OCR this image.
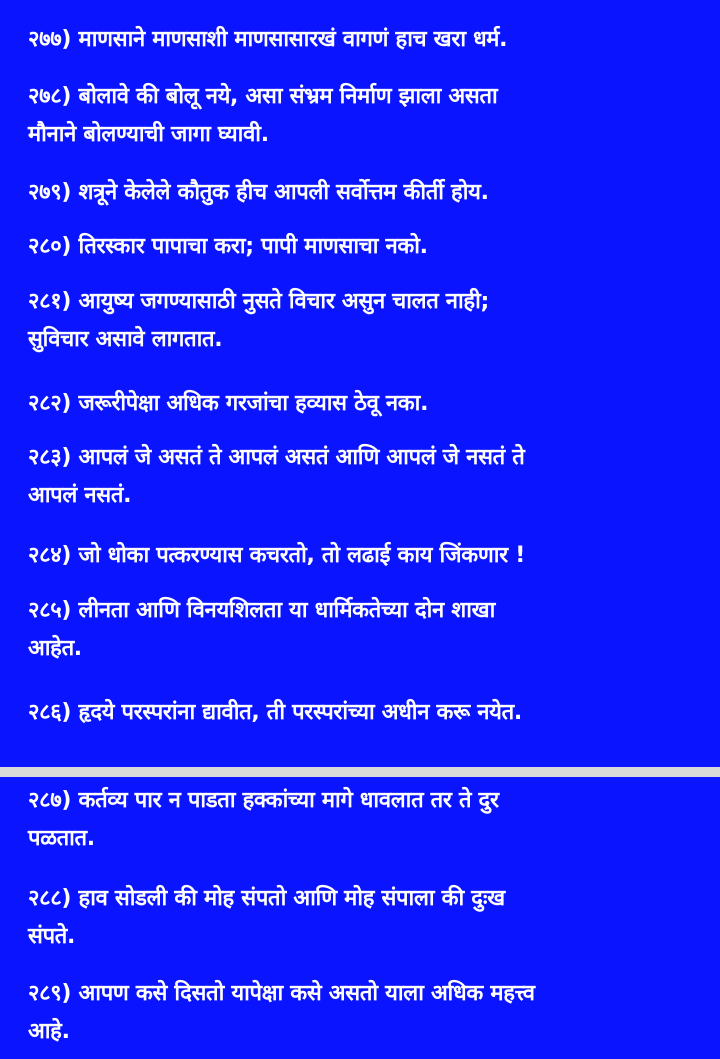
२७७) माणसाने माणसाशी माणसासारखं वागणं हाच खरा धर्म.
२७८) बोलावे की बोलू नये, असा संभ्रम निर्माण झाला असता
मौनाने बोलण्याची जागा घ्यावी.
२७९) शत्रूने केलेले कौतुक हीच आपली सर्वोत्तम कीर्ती होय.
२८०) तिरस्कार पापाचा करा; पापी माणसाचा नको.
२८१) आयुष्य जगण्यासाठी नुसते विचार असुन चालत नाही;
सुविचार असावे लागतात.
२८२) जरूरीपेक्षा अधिक गरजांचा हव्यास ठेवू नका.
२८३) आपलं जे असतं ते आपलं असतं आणि आपलं जे नसतं ते
आपलं नसतं.
२८४) जो धोका पत्करण्यास कचरतो, तो लढाई काय जिंकणार !
२८५) लीनता आणि विनयशिलता या धार्मिकतेच्या दोन शाखा
आहेत.
२८६) हृदये परस्परांना द्यावीत, ती परस्परांच्या अधीन करू नयेत.
२८७) कर्तव्य पार न पाडता हक्कांच्या मागे धावलात तर ते दुर
पळतात.
२८८) हाव सोडली की मोह संपतो आणि मोह संपाला की दुःख
संपते.
२८९) आपण कसे दिसतो यापेक्षा कसे असतो याला अधिक महत्त्व
आहे.
